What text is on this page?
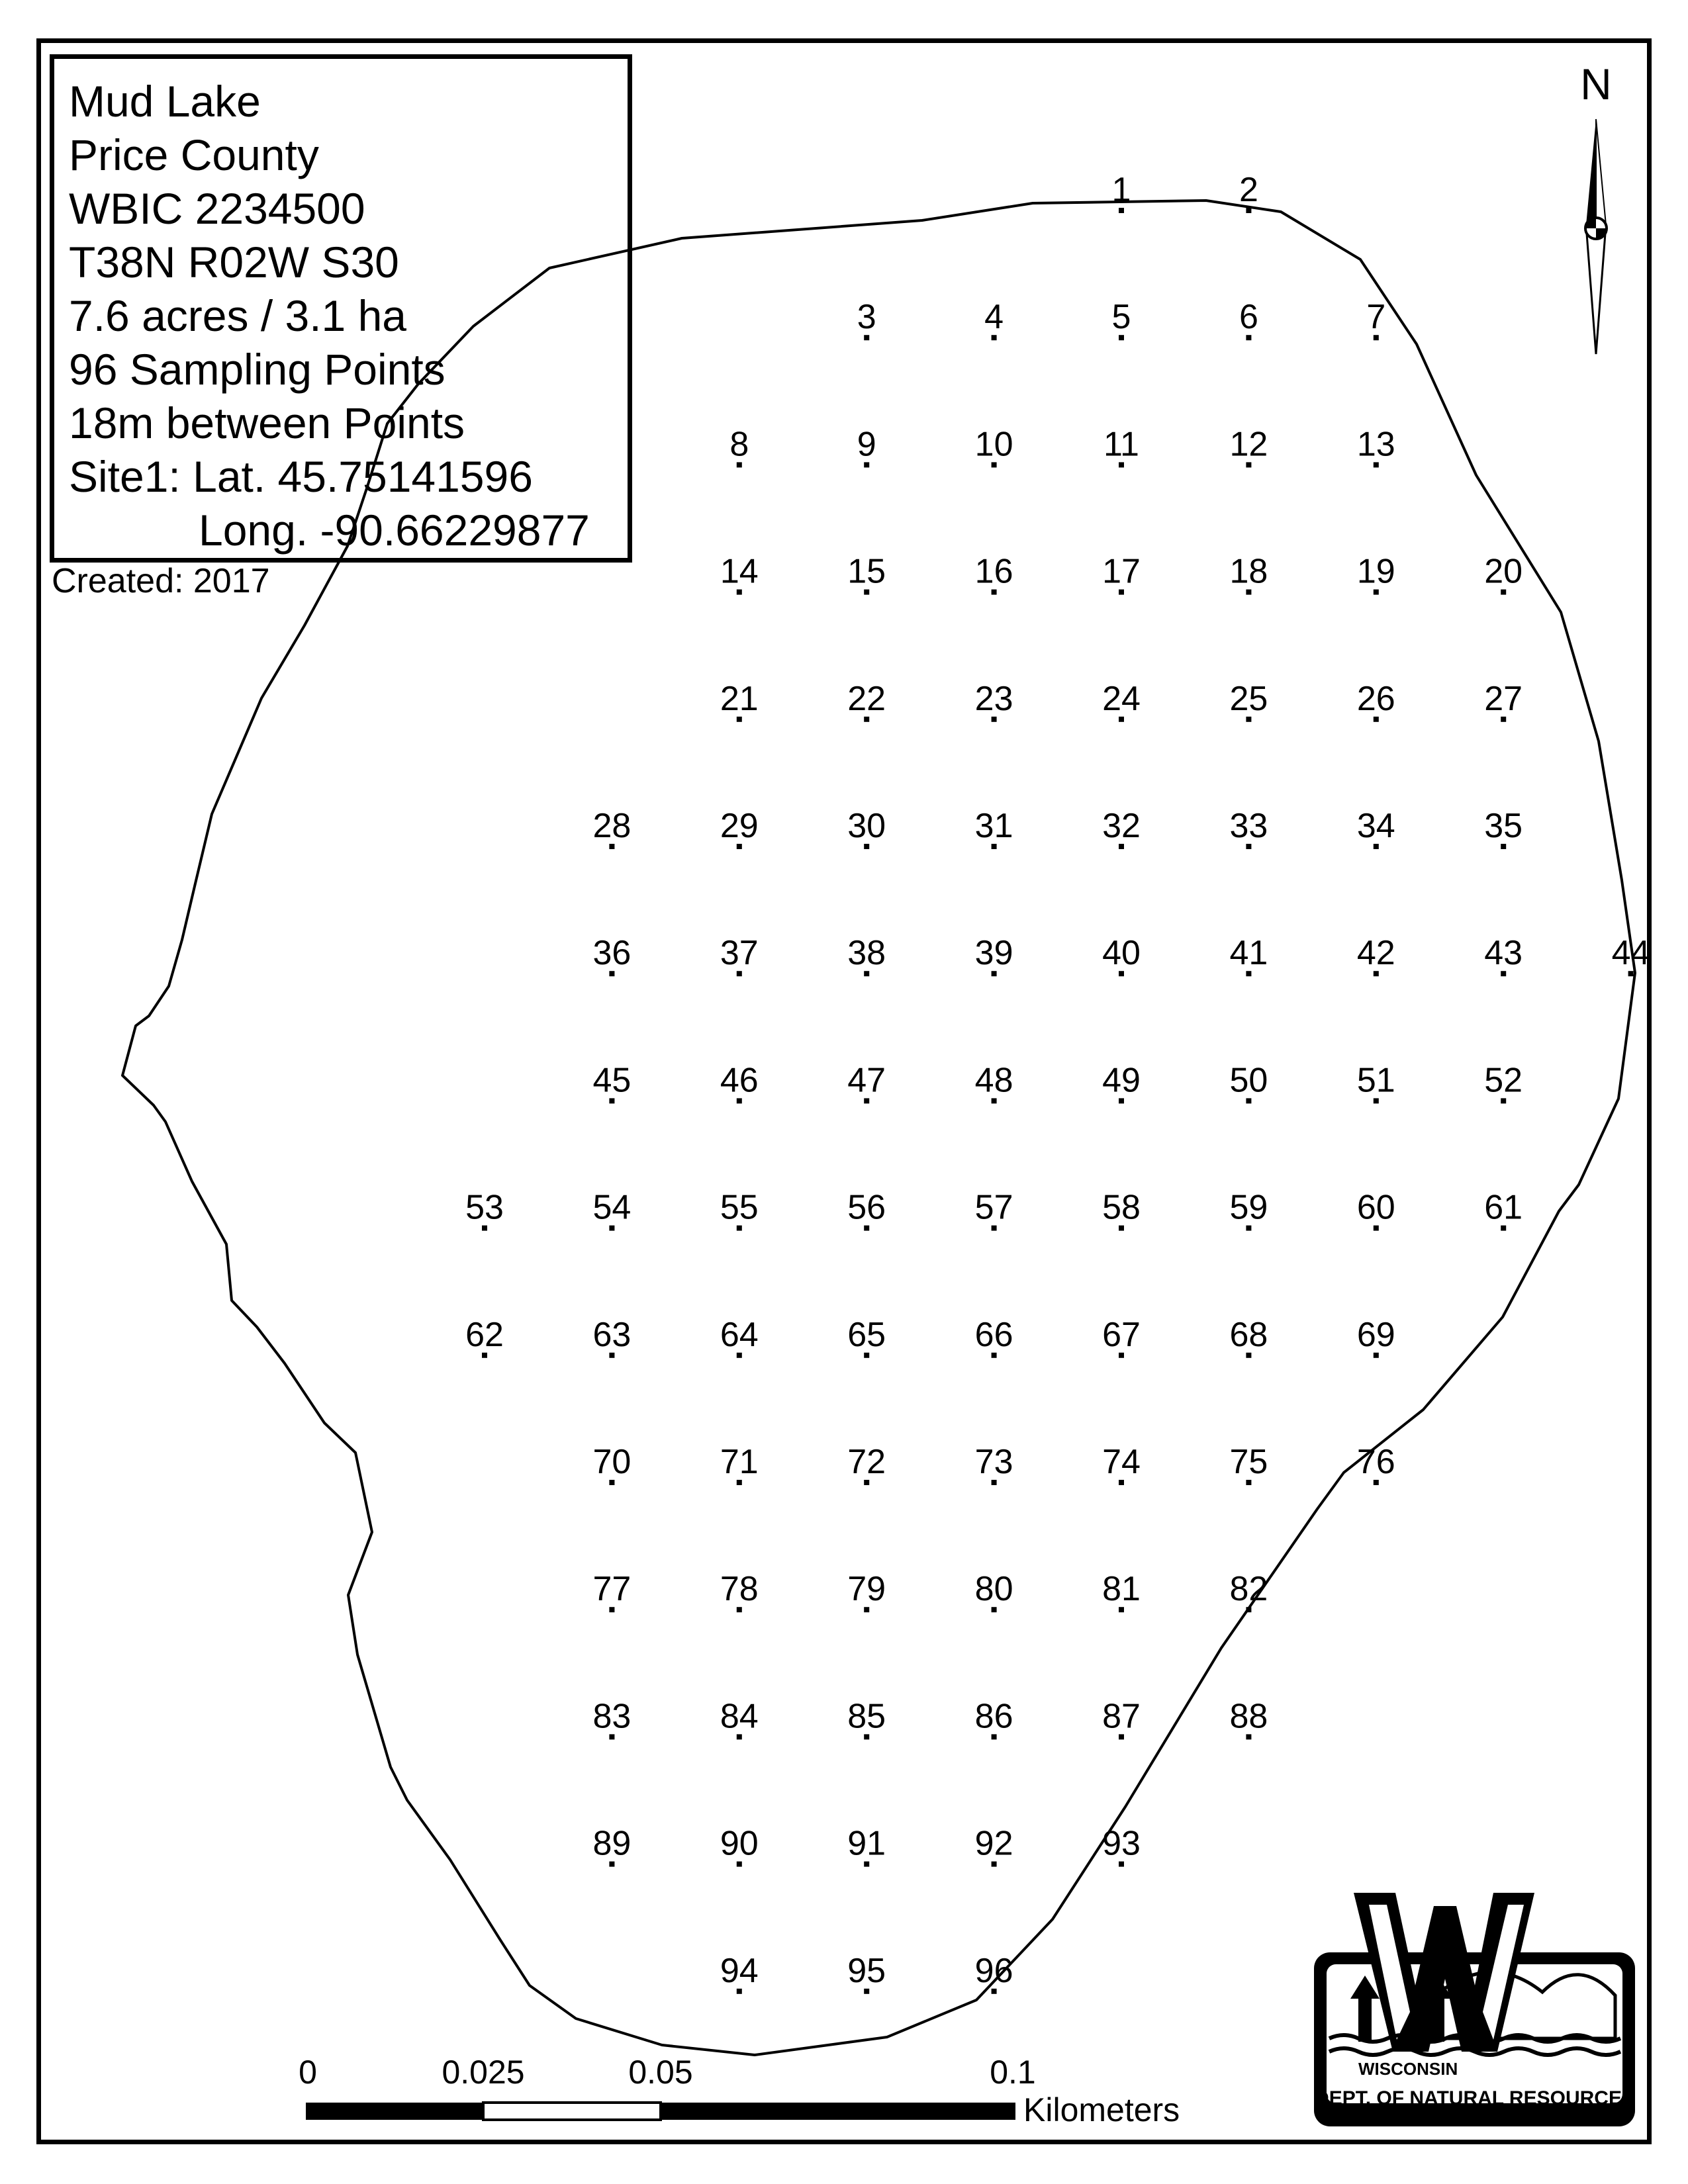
Mud Lake
Price County
WBIC 2234500
T38N R02W S30
7.6 acres / 3.1 ha
96 Sampling Points
18m between Points
Site1: Lat. 45.75141596
Long. -90.66229877
Created: 2017
1	2
3	4	5	6	7
8	9	10	11	12	13
14	15	16	17	18	19	20
21	22	23	24	25	26	27
28	29	30	31	32	33	34	35
36	37	38	39	40	41	42	43	44
45	46	47	48	49	50	51	52
53	54	55	56	57	58	59	60	61
62	63	64	65	66	67	68	69
70	71	72	73	74	75	76
77	78	79	80	81	82
83	84	85	86	87	88
89	90	91	92	93
94	95	96
N
0	0.025	0.05	0.1
Kilometers
WISCONSIN
DEPT. OF NATURAL RESOURCES
